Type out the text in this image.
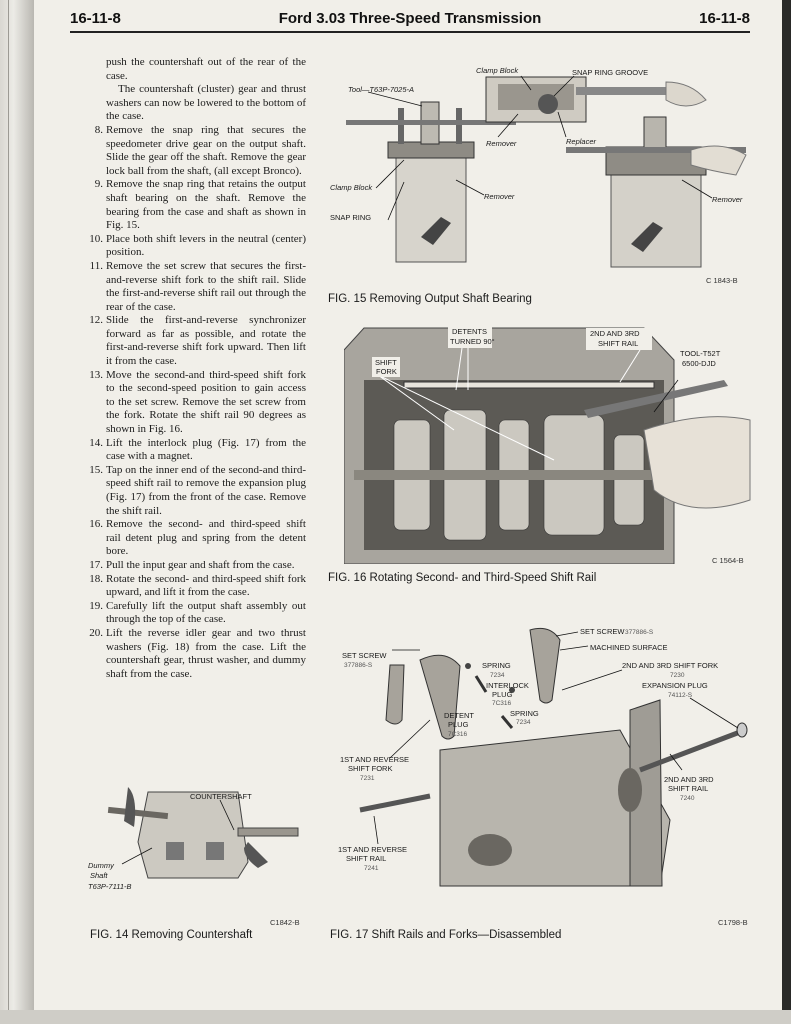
16-11-8	Ford 3.03 Three-Speed Transmission	16-11-8

push the countershaft out of the rear of the case.

The countershaft (cluster) gear and thrust washers can now be lowered to the bottom of the case.

8. Remove the snap ring that secures the speedometer drive gear on the output shaft. Slide the gear off the shaft. Remove the gear lock ball from the shaft, (all except Bronco).
9. Remove the snap ring that retains the output shaft bearing on the shaft. Remove the bearing from the case and shaft as shown in Fig. 15.
10. Place both shift levers in the neutral (center) position.
11. Remove the set screw that secures the first-and-reverse shift fork to the shift rail. Slide the first-and-reverse shift rail out through the rear of the case.
12. Slide the first-and-reverse synchronizer forward as far as possible, and rotate the first-and-reverse shift fork upward. Then lift it from the case.
13. Move the second-and third-speed shift fork to the second-speed position to gain access to the set screw. Remove the set screw from the fork. Rotate the shift rail 90 degrees as shown in Fig. 16.
14. Lift the interlock plug (Fig. 17) from the case with a magnet.
15. Tap on the inner end of the second-and third-speed shift rail to remove the expansion plug (Fig. 17) from the front of the case. Remove the shift rail.
16. Remove the second- and third-speed shift rail detent plug and spring from the detent bore.
17. Pull the input gear and shaft from the case.
18. Rotate the second- and third-speed shift fork upward, and lift it from the case.
19. Carefully lift the output shaft assembly out through the top of the case.
20. Lift the reverse idler gear and two thrust washers (Fig. 18) from the case. Lift the countershaft gear, thrust washer, and dummy shaft from the case.
Clamp Block	SNAP RING GROOVE
Tool—T63P-7025-A
Remover	Replacer
Clamp Block
Remover
SNAP RING
Remover
C 1843-B
FIG. 15 Removing Output Shaft Bearing
DETENTS
TURNED 90°
2ND AND 3RD
SHIFT RAIL
TOOL-T52T
6500-DJD
SHIFT
FORK
C 1564-B
FIG. 16 Rotating Second- and Third-Speed Shift Rail
SET SCREW 377886-S
MACHINED SURFACE
SET SCREW
377886-S	SPRING
7234
2ND AND 3RD SHIFT FORK
7230
INTERLOCK
PLUG
7C316
EXPANSION PLUG
74112-S
DETENT
PLUG
7C316
SPRING
7234
1ST AND REVERSE
SHIFT FORK
7231	2ND AND 3RD
SHIFT RAIL
7240
1ST AND REVERSE
SHIFT RAIL
7241
C1798-B
FIG. 17 Shift Rails and Forks—Disassembled
COUNTERSHAFT
Dummy
Shaft
T63P-7111-B
C1842-B
FIG. 14 Removing Countershaft
